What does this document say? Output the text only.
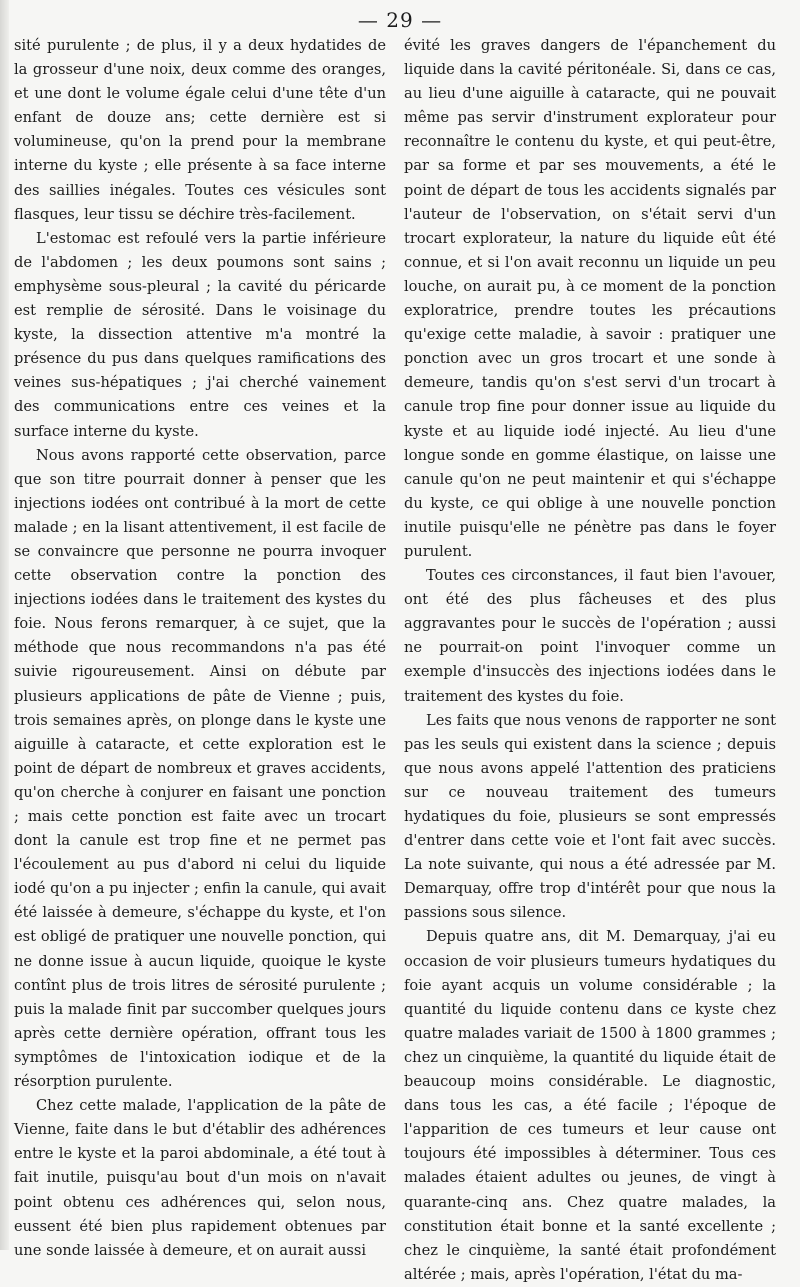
— 29 —

sité purulente ; de plus, il y a deux hydatides de la grosseur d'une noix, deux comme des oranges, et une dont le volume égale celui d'une tête d'un enfant de douze ans; cette dernière est si volumineuse, qu'on la prend pour la membrane interne du kyste ; elle présente à sa face interne des saillies inégales. Toutes ces vésicules sont flasques, leur tissu se déchire très-facilement.

L'estomac est refoulé vers la partie inférieure de l'abdomen ; les deux poumons sont sains ; emphysème sous-pleural ; la cavité du péricarde est remplie de sérosité. Dans le voisinage du kyste, la dissection attentive m'a montré la présence du pus dans quelques ramifications des veines sus-hépatiques ; j'ai cherché vainement des communications entre ces veines et la surface interne du kyste.

Nous avons rapporté cette observation, parce que son titre pourrait donner à penser que les injections iodées ont contribué à la mort de cette malade ; en la lisant attentivement, il est facile de se convaincre que personne ne pourra invoquer cette observation contre la ponction des injections iodées dans le traitement des kystes du foie. Nous ferons remarquer, à ce sujet, que la méthode que nous recommandons n'a pas été suivie rigoureusement. Ainsi on débute par plusieurs applications de pâte de Vienne ; puis, trois semaines après, on plonge dans le kyste une aiguille à cataracte, et cette exploration est le point de départ de nombreux et graves accidents, qu'on cherche à conjurer en faisant une ponction ; mais cette ponction est faite avec un trocart dont la canule est trop fine et ne permet pas l'écoulement au pus d'abord ni celui du liquide iodé qu'on a pu injecter ; enfin la canule, qui avait été laissée à demeure, s'échappe du kyste, et l'on est obligé de pratiquer une nouvelle ponction, qui ne donne issue à aucun liquide, quoique le kyste contînt plus de trois litres de sérosité purulente ; puis la malade finit par succomber quelques jours après cette dernière opération, offrant tous les symptômes de l'intoxication iodique et de la résorption purulente.

Chez cette malade, l'application de la pâte de Vienne, faite dans le but d'établir des adhérences entre le kyste et la paroi abdominale, a été tout à fait inutile, puisqu'au bout d'un mois on n'avait point obtenu ces adhérences qui, selon nous, eussent été bien plus rapidement obtenues par une sonde laissée à demeure, et on aurait aussi

évité les graves dangers de l'épanchement du liquide dans la cavité péritonéale. Si, dans ce cas, au lieu d'une aiguille à cataracte, qui ne pouvait même pas servir d'instrument explorateur pour reconnaître le contenu du kyste, et qui peut-être, par sa forme et par ses mouvements, a été le point de départ de tous les accidents signalés par l'auteur de l'observation, on s'était servi d'un trocart explorateur, la nature du liquide eût été connue, et si l'on avait reconnu un liquide un peu louche, on aurait pu, à ce moment de la ponction exploratrice, prendre toutes les précautions qu'exige cette maladie, à savoir : pratiquer une ponction avec un gros trocart et une sonde à demeure, tandis qu'on s'est servi d'un trocart à canule trop fine pour donner issue au liquide du kyste et au liquide iodé injecté. Au lieu d'une longue sonde en gomme élastique, on laisse une canule qu'on ne peut maintenir et qui s'échappe du kyste, ce qui oblige à une nouvelle ponction inutile puisqu'elle ne pénètre pas dans le foyer purulent.

Toutes ces circonstances, il faut bien l'avouer, ont été des plus fâcheuses et des plus aggravantes pour le succès de l'opération ; aussi ne pourrait-on point l'invoquer comme un exemple d'insuccès des injections iodées dans le traitement des kystes du foie.

Les faits que nous venons de rapporter ne sont pas les seuls qui existent dans la science ; depuis que nous avons appelé l'attention des praticiens sur ce nouveau traitement des tumeurs hydatiques du foie, plusieurs se sont empressés d'entrer dans cette voie et l'ont fait avec succès. La note suivante, qui nous a été adressée par M. Demarquay, offre trop d'intérêt pour que nous la passions sous silence.

Depuis quatre ans, dit M. Demarquay, j'ai eu occasion de voir plusieurs tumeurs hydatiques du foie ayant acquis un volume considérable ; la quantité du liquide contenu dans ce kyste chez quatre malades variait de 1500 à 1800 grammes ; chez un cinquième, la quantité du liquide était de beaucoup moins considérable. Le diagnostic, dans tous les cas, a été facile ; l'époque de l'apparition de ces tumeurs et leur cause ont toujours été impossibles à déterminer. Tous ces malades étaient adultes ou jeunes, de vingt à quarante-cinq ans. Chez quatre malades, la constitution était bonne et la santé excellente ; chez le cinquième, la santé était profondément altérée ; mais, après l'opération, l'état du ma-
